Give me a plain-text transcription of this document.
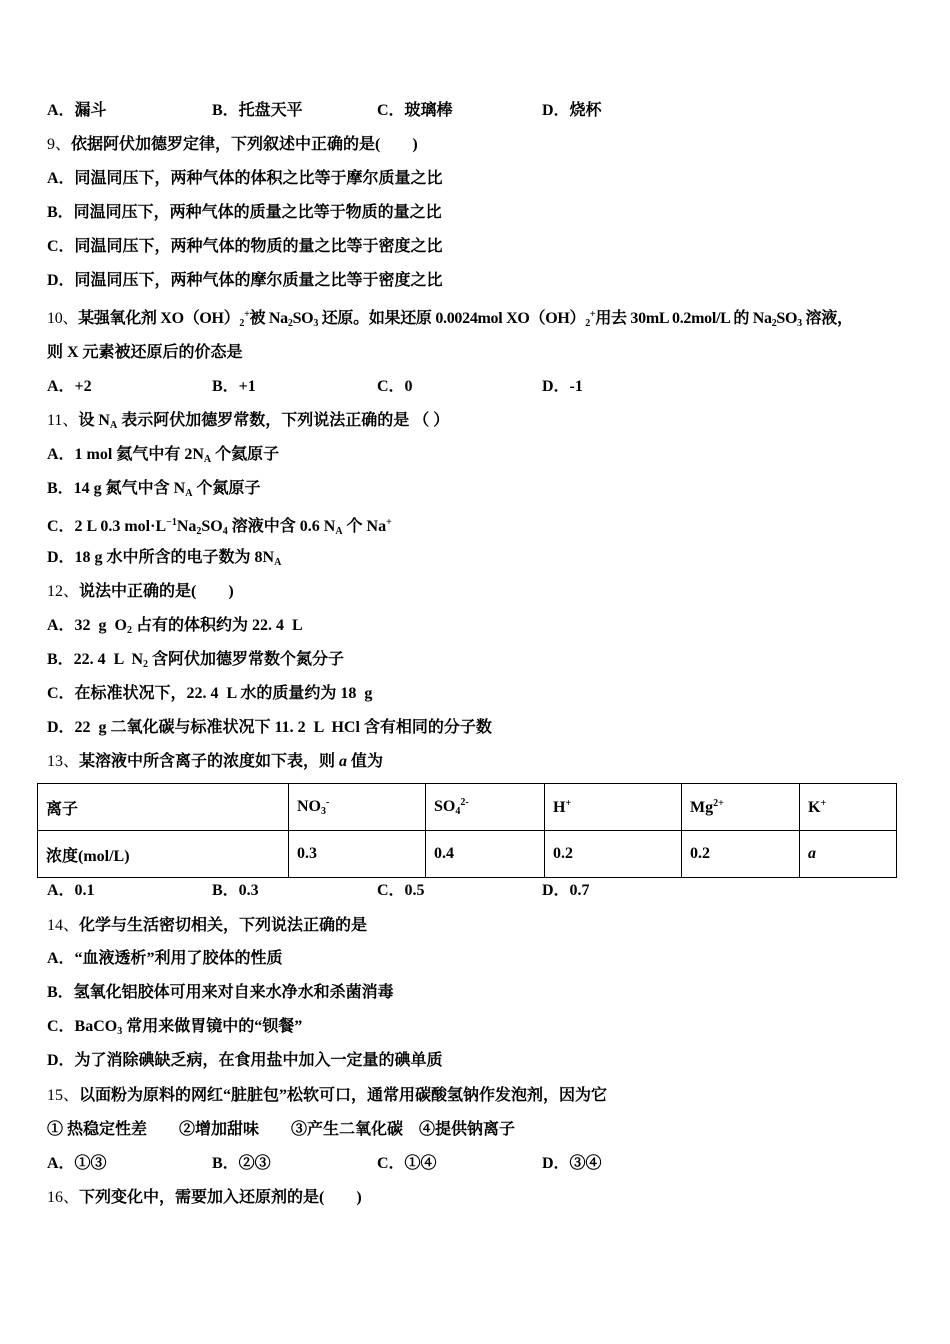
A．漏斗	B．托盘天平	C．玻璃棒	D．烧杯
9、依据阿伏加德罗定律，下列叙述中正确的是(　　)
A．同温同压下，两种气体的体积之比等于摩尔质量之比
B．同温同压下，两种气体的质量之比等于物质的量之比
C．同温同压下，两种气体的物质的量之比等于密度之比
D．同温同压下，两种气体的摩尔质量之比等于密度之比
10、某强氧化剂 $XO(OH)_2^+$被 $Na_2SO_3$ 还原。如果还原 0.0024mol $XO(OH)_2^+$用去 30mL 0.2mol/L 的 $Na_2SO_3$ 溶液，
则 X 元素被还原后的价态是
A．+2	B．+1	C．0	D．-1
11、设 $N_A$ 表示阿伏加德罗常数，下列说法正确的是 （ ）
A．1 mol 氦气中有 $2N_A$ 个氦原子
B．14 g 氮气中含 $N_A$ 个氮原子
C．2 L 0.3 $mol\cdot L^{-1}Na_2SO_4$ 溶液中含 0.6 $N_A$ 个 Na+
D．18 g 水中所含的电子数为 $8N_A$
12、说法中正确的是(　　)
A．32  g  $O_2$ 占有的体积约为 22. 4  L
B．22. 4  L  $N_2$ 含阿伏加德罗常数个氮分子
C．在标准状况下，22. 4  L 水的质量约为 18  g
D．22  g 二氧化碳与标准状况下 11. 2  L  HCl 含有相同的分子数
13、某溶液中所含离子的浓度如下表，则 a 值为
离子	$NO_3^-$	$SO_4^{2-}$	H+	$Mg^{2+}$	K+
浓度(mol/L)	0.3	0.4	0.2	0.2	a
A．0.1	B．0.3	C．0.5	D．0.7
14、化学与生活密切相关，下列说法正确的是
A．“血液透析”利用了胶体的性质
B．氢氧化铝胶体可用来对自来水净水和杀菌消毒
C．BaCO$_3$ 常用来做胃镜中的“钡餐”
D．为了消除碘缺乏病，在食用盐中加入一定量的碘单质
15、以面粉为原料的网红“脏脏包”松软可口，通常用碳酸氢钠作发泡剂，因为它
① 热稳定性差　　②增加甜味　　③产生二氧化碳　④提供钠离子
A．①③	B．②③	C．①④	D．③④
16、下列变化中，需要加入还原剂的是(　　)
